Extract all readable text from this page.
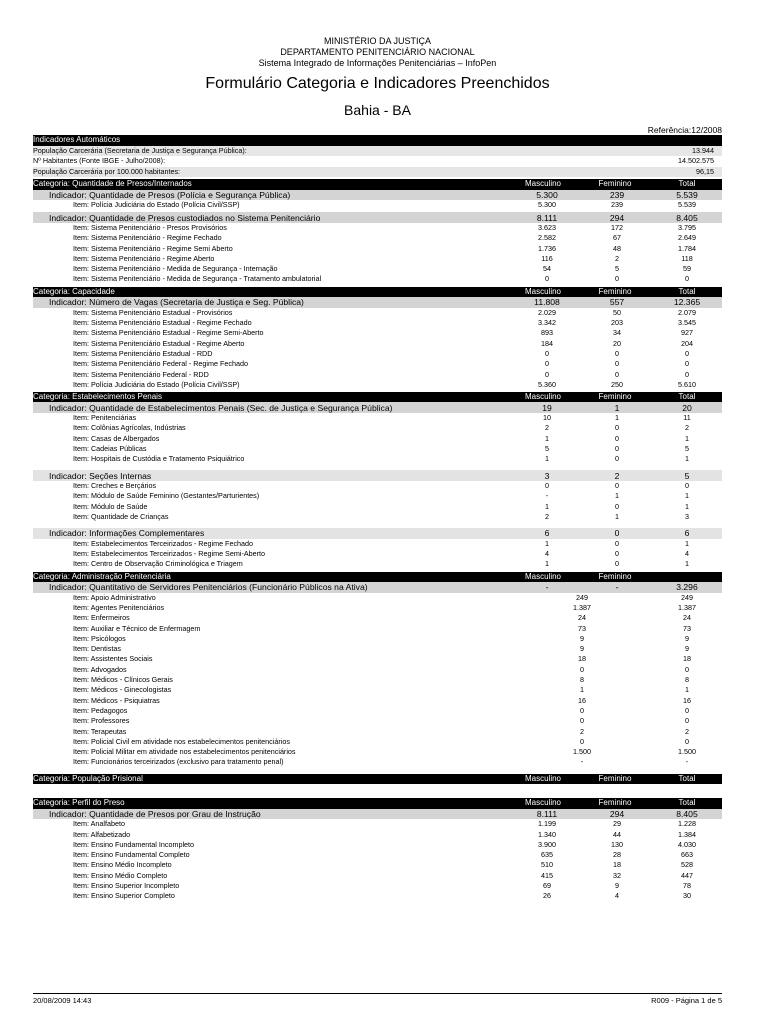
MINISTÉRIO DA JUSTIÇA
DEPARTAMENTO PENITENCIÁRIO NACIONAL
Sistema Integrado de Informações Penitenciárias – InfoPen
Formulário Categoria e Indicadores Preenchidos
Bahia - BA
Referência:12/2008
Indicadores Automáticos
População Carcerária (Secretaria de Justiça e Segurança Pública):	13.944
Nº Habitantes (Fonte IBGE - Julho/2008):	14.502.575
População Carcerária por 100.000 habitantes:	96,15
Categoria: Quantidade de Presos/Internados	Masculino	Feminino	Total
Indicador: Quantidade de Presos (Polícia e Segurança Pública)	5.300	239	5.539
Item: Polícia Judiciária do Estado (Polícia Civil/SSP)	5.300	239	5.539
Indicador: Quantidade de Presos custodiados no Sistema Penitenciário	8.111	294	8.405
Item: Sistema Penitenciário - Presos Provisórios	3.623	172	3.795
Item: Sistema Penitenciário - Regime Fechado	2.582	67	2.649
Item: Sistema Penitenciário - Regime Semi Aberto	1.736	48	1.784
Item: Sistema Penitenciário - Regime Aberto	116	2	118
Item: Sistema Penitenciário - Medida de Segurança - Internação	54	5	59
Item: Sistema Penitenciário - Medida de Segurança - Tratamento ambulatorial	0	0	0
Categoria: Capacidade	Masculino	Feminino	Total
Indicador: Número de Vagas (Secretaria de Justiça e Seg. Pública)	11.808	557	12.365
Item: Sistema Penitenciário Estadual - Provisórios	2.029	50	2.079
Item: Sistema Penitenciário Estadual - Regime Fechado	3.342	203	3.545
Item: Sistema Penitenciário Estadual - Regime Semi-Aberto	893	34	927
Item: Sistema Penitenciário Estadual - Regime Aberto	184	20	204
Item: Sistema Penitenciário Estadual - RDD	0	0	0
Item: Sistema Penitenciário Federal - Regime Fechado	0	0	0
Item: Sistema Penitenciário Federal - RDD	0	0	0
Item: Polícia Judiciária do Estado (Polícia Civil/SSP)	5.360	250	5.610
Categoria: Estabelecimentos Penais	Masculino	Feminino	Total
Indicador: Quantidade de Estabelecimentos Penais (Sec. de Justiça e Segurança Pública)	19	1	20
Item: Penitenciárias	10	1	11
Item: Colônias Agrícolas, Indústrias	2	0	2
Item: Casas de Albergados	1	0	1
Item: Cadeias Públicas	5	0	5
Item: Hospitais de Custódia e Tratamento Psiquiátrico	1	0	1
Indicador: Seções Internas	3	2	5
Item: Creches e Berçários	0	0	0
Item: Módulo de Saúde Feminino (Gestantes/Parturientes)	-	1	1
Item: Módulo de Saúde	1	0	1
Item: Quantidade de Crianças	2	1	3
Indicador: Informações Complementares	6	0	6
Item: Estabelecimentos Terceirizados - Regime Fechado	1	0	1
Item: Estabelecimentos Terceirizados - Regime Semi-Aberto	4	0	4
Item: Centro de Observação Criminológica e Triagem	1	0	1
Categoria: Administração Penitenciária	Masculino	Feminino
Indicador: Quantitativo de Servidores Penitenciários (Funcionário Públicos na Ativa)	-	-	3.296
Item: Apoio Administrativo	249	249
Item: Agentes Penitenciários	1.387	1.387
Item: Enfermeiros	24	24
Item: Auxiliar e Técnico de Enfermagem	73	73
Item: Psicólogos	9	9
Item: Dentistas	9	9
Item: Assistentes Sociais	18	18
Item: Advogados	0	0
Item: Médicos - Clínicos Gerais	8	8
Item: Médicos - Ginecologistas	1	1
Item: Médicos - Psiquiatras	16	16
Item: Pedagogos	0	0
Item: Professores	0	0
Item: Terapeutas	2	2
Item: Policial Civil em atividade nos estabelecimentos penitenciários	0	0
Item: Policial Militar em atividade nos estabelecimentos penitenciários	1.500	1.500
Item: Funcionários terceirizados (exclusivo para tratamento penal)	-	-
Categoria: População Prisional	Masculino	Feminino	Total
Categoria: Perfil do Preso	Masculino	Feminino	Total
Indicador: Quantidade de Presos por Grau de Instrução	8.111	294	8.405
Item: Analfabeto	1.199	29	1.228
Item: Alfabetizado	1.340	44	1.384
Item: Ensino Fundamental Incompleto	3.900	130	4.030
Item: Ensino Fundamental Completo	635	28	663
Item: Ensino Médio Incompleto	510	18	528
Item: Ensino Médio Completo	415	32	447
Item: Ensino Superior Incompleto	69	9	78
Item: Ensino Superior Completo	26	4	30
20/08/2009 14:43	R009 - Página 1 de 5
